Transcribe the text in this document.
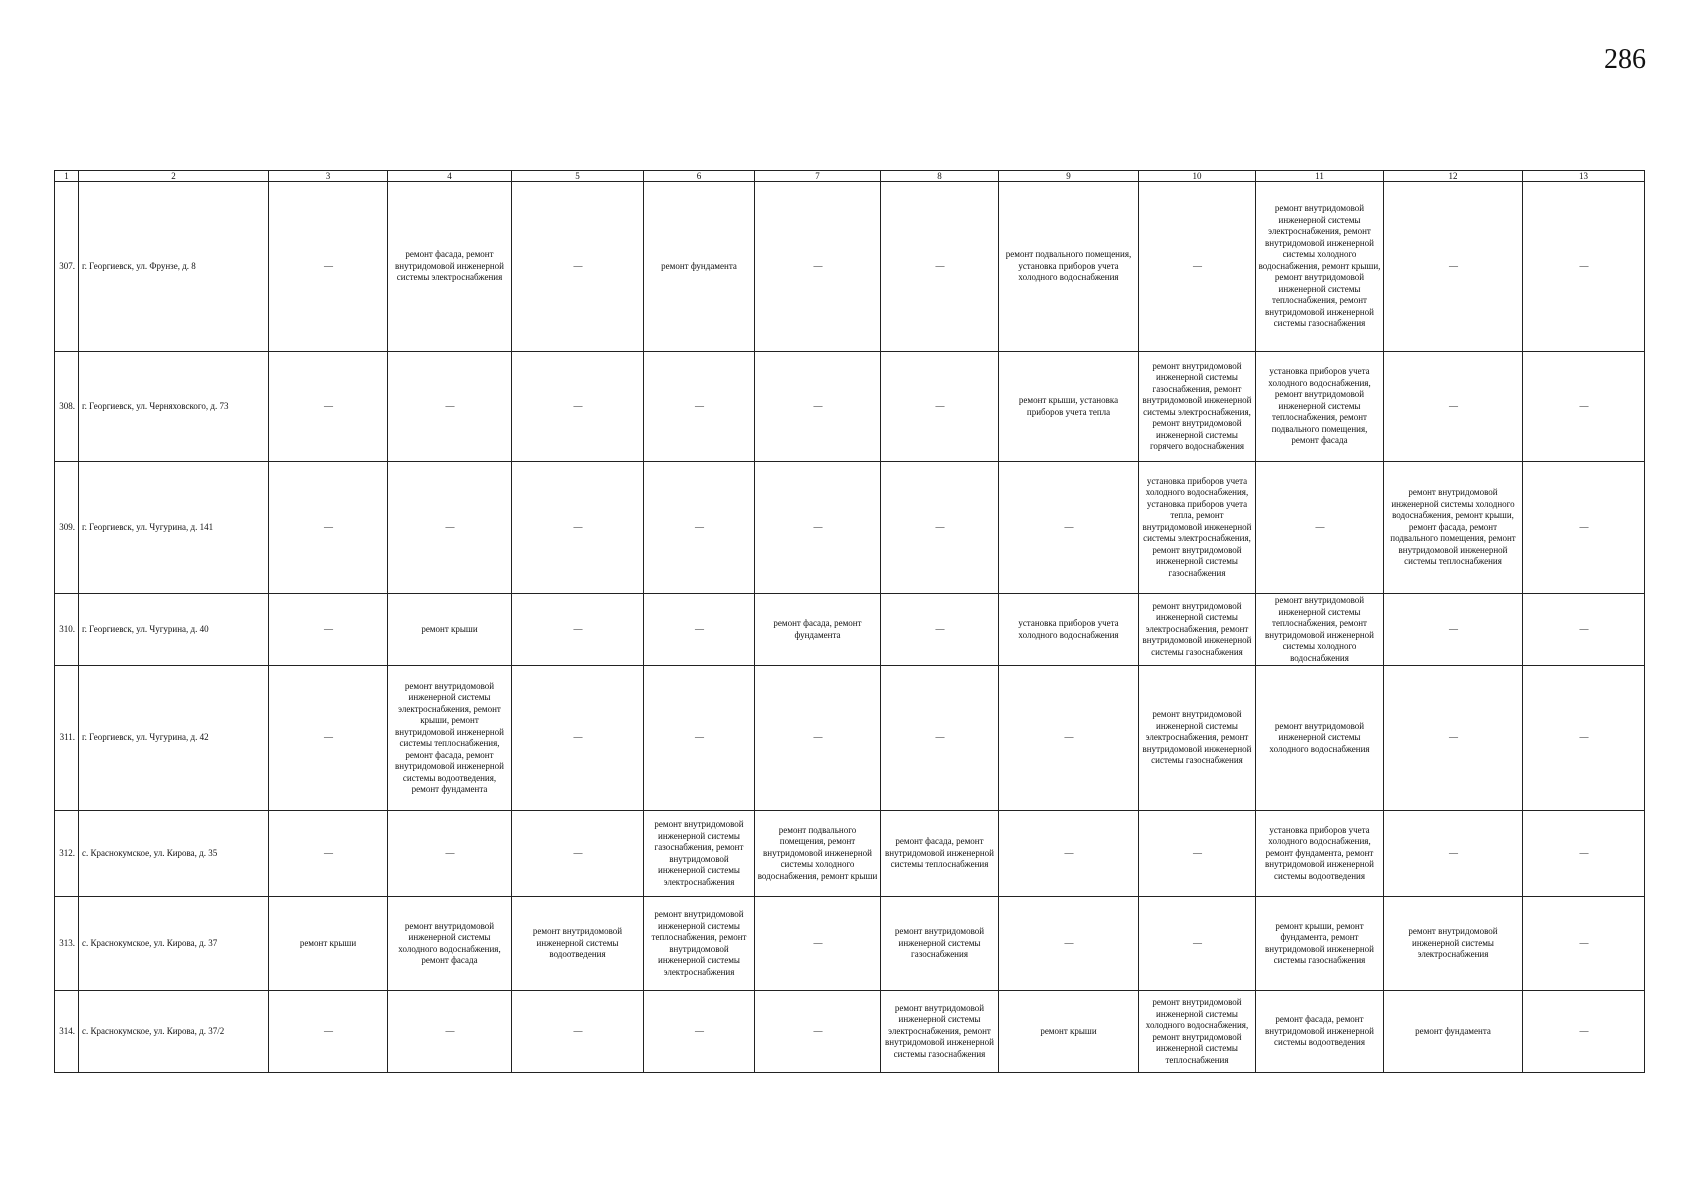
286
1	2	3	4	5	6	7	8	9	10	11	12	13
307.	г. Георгиевск, ул. Фрунзе, д. 8	—	ремонт фасада, ремонт внутридомовой инженерной системы электроснабжения	—	ремонт фундамента	—	—	ремонт подвального помещения, установка приборов учета холодного водоснабжения	—	ремонт внутридомовой инженерной системы электроснабжения, ремонт внутридомовой инженерной системы холодного водоснабжения, ремонт крыши, ремонт внутридомовой инженерной системы теплоснабжения, ремонт внутридомовой инженерной системы газоснабжения	—	—
308.	г. Георгиевск, ул. Черняховского, д. 73	—	—	—	—	—	—	ремонт крыши, установка приборов учета тепла	ремонт внутридомовой инженерной системы газоснабжения, ремонт внутридомовой инженерной системы электроснабжения, ремонт внутридомовой инженерной системы горячего водоснабжения	установка приборов учета холодного водоснабжения, ремонт внутридомовой инженерной системы теплоснабжения, ремонт подвального помещения, ремонт фасада	—	—
309.	г. Георгиевск, ул. Чугурина, д. 141	—	—	—	—	—	—	—	установка приборов учета холодного водоснабжения, установка приборов учета тепла, ремонт внутридомовой инженерной системы электроснабжения, ремонт внутридомовой инженерной системы газоснабжения	—	ремонт внутридомовой инженерной системы холодного водоснабжения, ремонт крыши, ремонт фасада, ремонт подвального помещения, ремонт внутридомовой инженерной системы теплоснабжения	—
310.	г. Георгиевск, ул. Чугурина, д. 40	—	ремонт крыши	—	—	ремонт фасада, ремонт фундамента	—	установка приборов учета холодного водоснабжения	ремонт внутридомовой инженерной системы электроснабжения, ремонт внутридомовой инженерной системы газоснабжения	ремонт внутридомовой инженерной системы теплоснабжения, ремонт внутридомовой инженерной системы холодного водоснабжения	—	—
311.	г. Георгиевск, ул. Чугурина, д. 42	—	ремонт внутридомовой инженерной системы электроснабжения, ремонт крыши, ремонт внутридомовой инженерной системы теплоснабжения, ремонт фасада, ремонт внутридомовой инженерной системы водоотведения, ремонт фундамента	—	—	—	—	—	ремонт внутридомовой инженерной системы электроснабжения, ремонт внутридомовой инженерной системы газоснабжения	ремонт внутридомовой инженерной системы холодного водоснабжения	—	—
312.	с. Краснокумское, ул. Кирова, д. 35	—	—	—	ремонт внутридомовой инженерной системы газоснабжения, ремонт внутридомовой инженерной системы электроснабжения	ремонт подвального помещения, ремонт внутридомовой инженерной системы холодного водоснабжения, ремонт крыши	ремонт фасада, ремонт внутридомовой инженерной системы теплоснабжения	—	—	установка приборов учета холодного водоснабжения, ремонт фундамента, ремонт внутридомовой инженерной системы водоотведения	—	—
313.	с. Краснокумское, ул. Кирова, д. 37	ремонт крыши	ремонт внутридомовой инженерной системы холодного водоснабжения, ремонт фасада	ремонт внутридомовой инженерной системы водоотведения	ремонт внутридомовой инженерной системы теплоснабжения, ремонт внутридомовой инженерной системы электроснабжения	—	ремонт внутридомовой инженерной системы газоснабжения	—	—	ремонт крыши, ремонт фундамента, ремонт внутридомовой инженерной системы газоснабжения	ремонт внутридомовой инженерной системы электроснабжения	—
314.	с. Краснокумское, ул. Кирова, д. 37/2	—	—	—	—	—	ремонт внутридомовой инженерной системы электроснабжения, ремонт внутридомовой инженерной системы газоснабжения	ремонт крыши	ремонт внутридомовой инженерной системы холодного водоснабжения, ремонт внутридомовой инженерной системы теплоснабжения	ремонт фасада, ремонт внутридомовой инженерной системы водоотведения	ремонт фундамента	—
